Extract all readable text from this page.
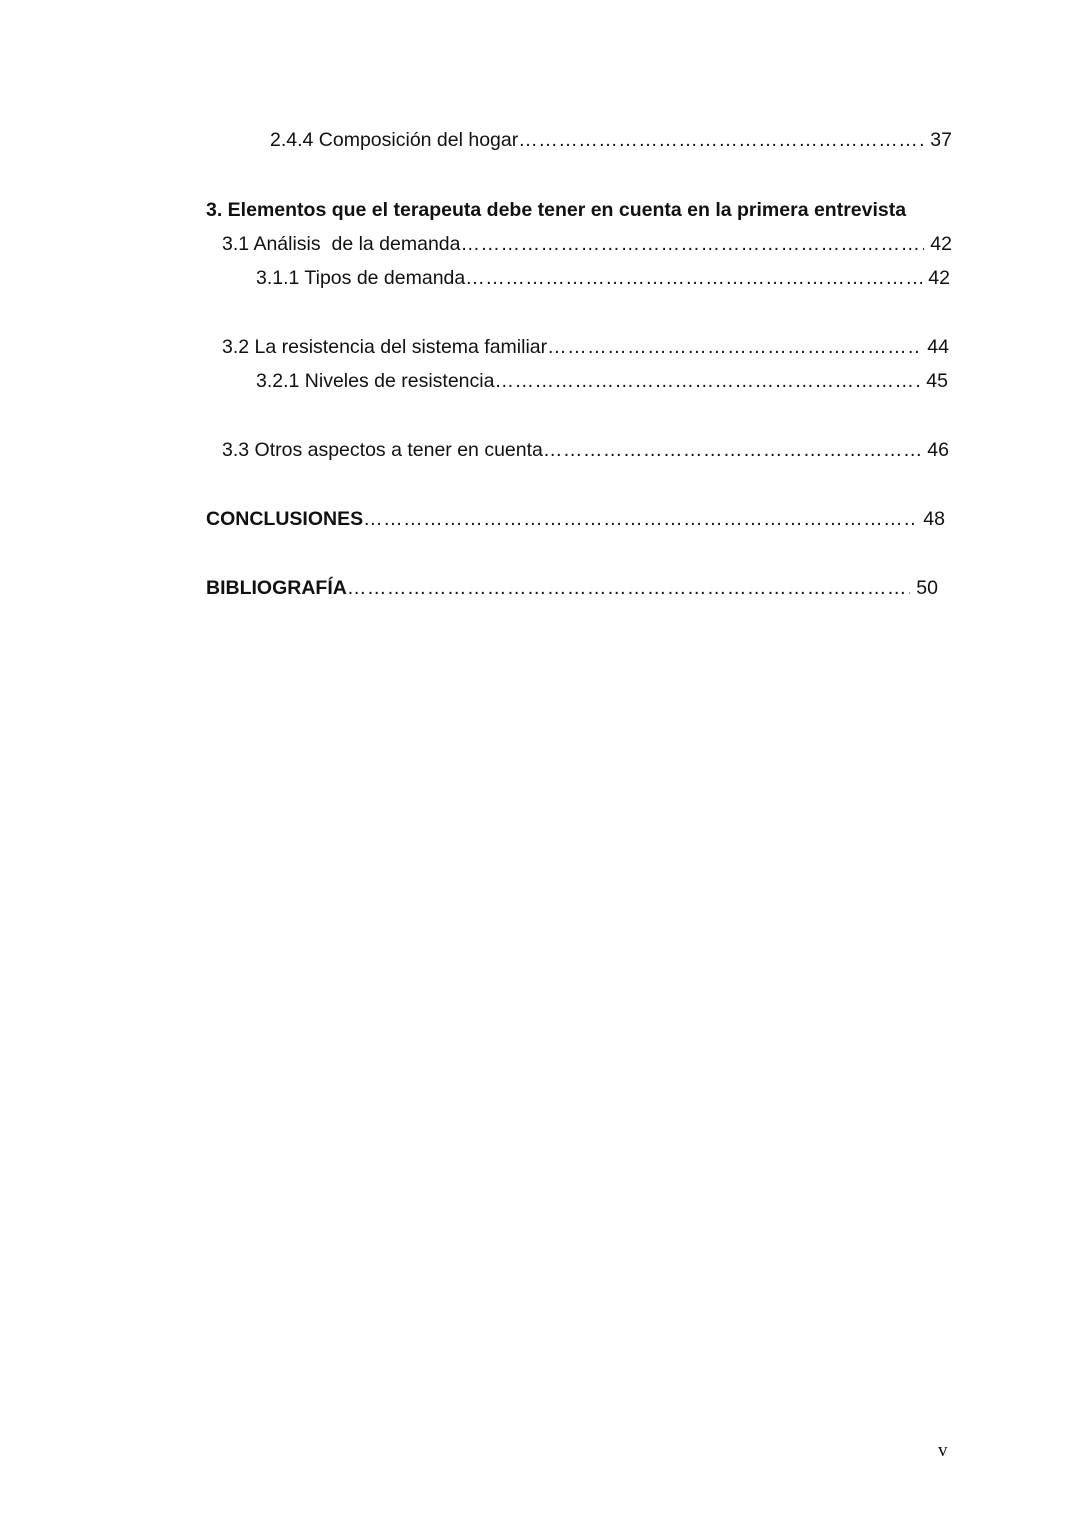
2.4.4 Composición del hogar ………………………………………………………………………………………………………………………………………………………………………………	37
3. Elementos que el terapeuta debe tener en cuenta en la primera entrevista
3.1 Análisis  de la demanda ………………………………………………………………………………………………………………………………………………………………………………	42
3.1.1 Tipos de demanda ………………………………………………………………………………………………………………………………………………………………………………	42
3.2 La resistencia del sistema familiar ………………………………………………………………………………………………………………………………………………………………………………	44
3.2.1 Niveles de resistencia ………………………………………………………………………………………………………………………………………………………………………………	45
3.3 Otros aspectos a tener en cuenta ………………………………………………………………………………………………………………………………………………………………………………	46
CONCLUSIONES ………………………………………………………………………………………………………………………………………………………………………………	48
BIBLIOGRAFÍA ………………………………………………………………………………………………………………………………………………………………………………	50
v
